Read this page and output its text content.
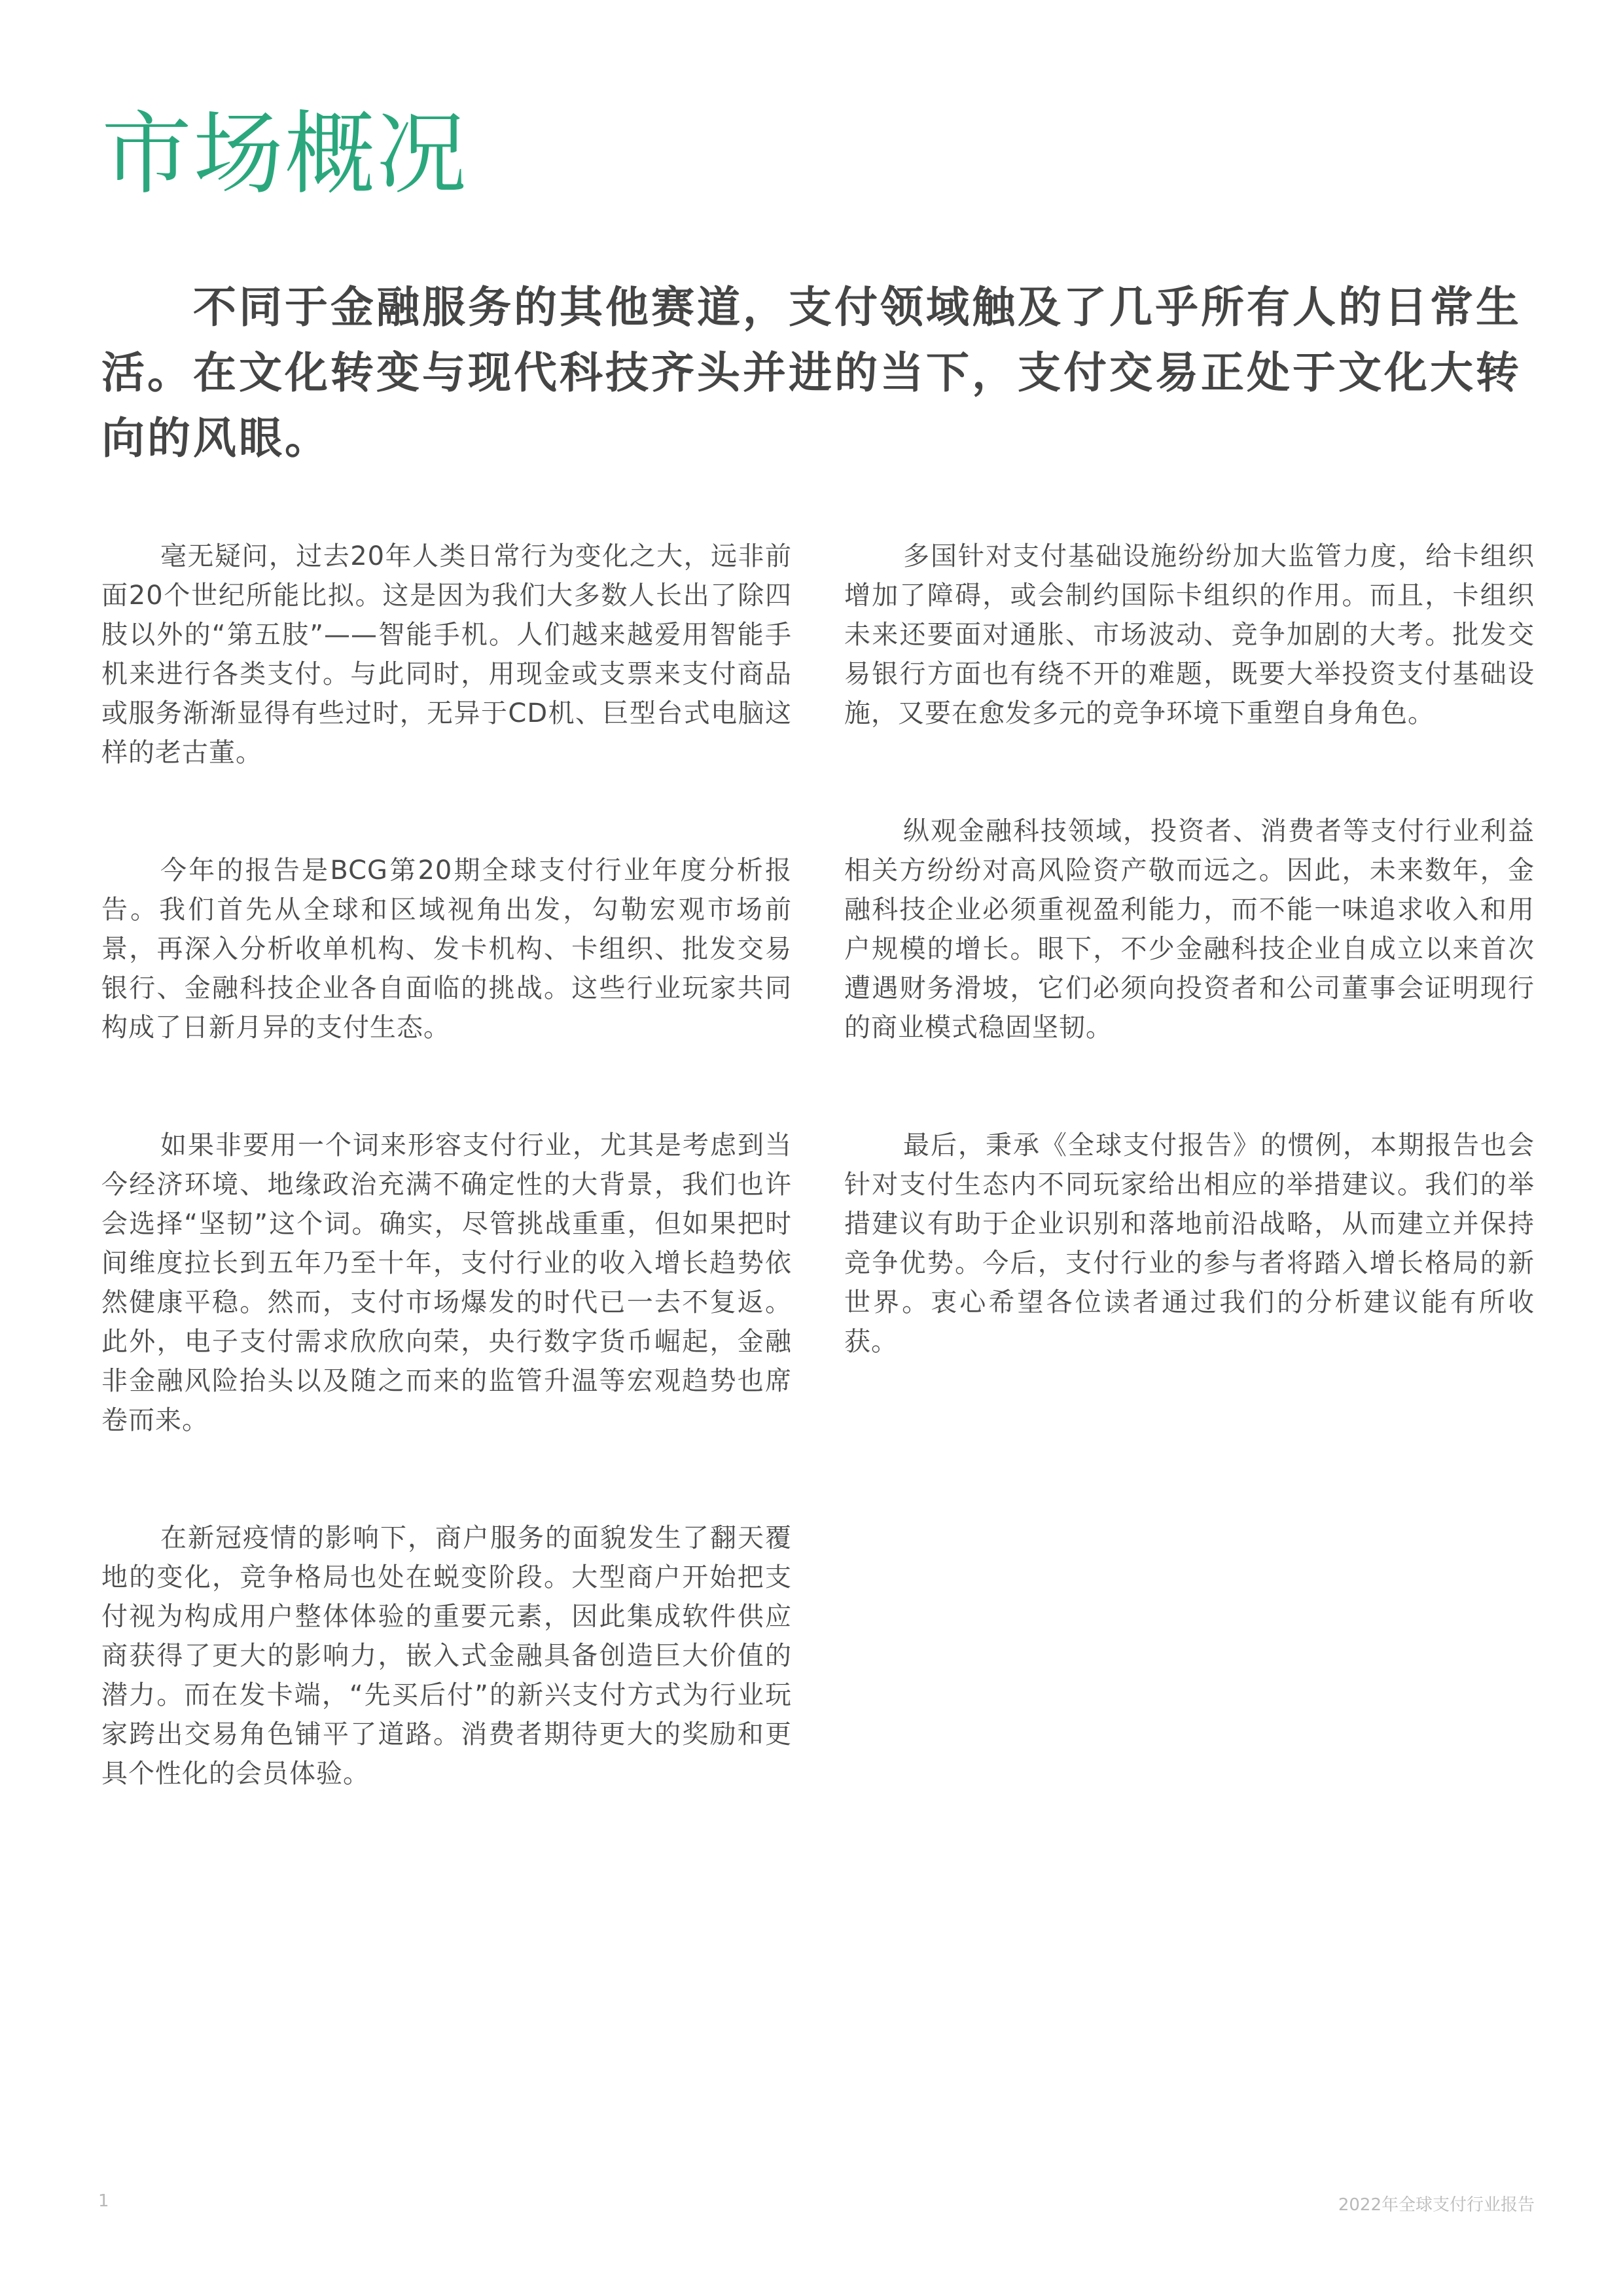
市场概况

不同于金融服务的其他赛道，支付领域触及了几乎所有人的日常生活。在文化转变与现代科技齐头并进的当下，支付交易正处于文化大转向的风眼。

毫无疑问，过去20年人类日常行为变化之大，远非前面20个世纪所能比拟。这是因为我们大多数人长出了除四肢以外的“第五肢”——智能手机。人们越来越爱用智能手机来进行各类支付。与此同时，用现金或支票来支付商品或服务渐渐显得有些过时，无异于CD机、巨型台式电脑这样的老古董。

今年的报告是BCG第20期全球支付行业年度分析报告。我们首先从全球和区域视角出发，勾勒宏观市场前景，再深入分析收单机构、发卡机构、卡组织、批发交易银行、金融科技企业各自面临的挑战。这些行业玩家共同构成了日新月异的支付生态。

如果非要用一个词来形容支付行业，尤其是考虑到当今经济环境、地缘政治充满不确定性的大背景，我们也许会选择“坚韧”这个词。确实，尽管挑战重重，但如果把时间维度拉长到五年乃至十年，支付行业的收入增长趋势依然健康平稳。然而，支付市场爆发的时代已一去不复返。此外，电子支付需求欣欣向荣，央行数字货币崛起，金融非金融风险抬头以及随之而来的监管升温等宏观趋势也席卷而来。

在新冠疫情的影响下，商户服务的面貌发生了翻天覆地的变化，竞争格局也处在蜕变阶段。大型商户开始把支付视为构成用户整体体验的重要元素，因此集成软件供应商获得了更大的影响力，嵌入式金融具备创造巨大价值的潜力。而在发卡端，“先买后付”的新兴支付方式为行业玩家跨出交易角色铺平了道路。消费者期待更大的奖励和更具个性化的会员体验。

多国针对支付基础设施纷纷加大监管力度，给卡组织增加了障碍，或会制约国际卡组织的作用。而且，卡组织未来还要面对通胀、市场波动、竞争加剧的大考。批发交易银行方面也有绕不开的难题，既要大举投资支付基础设施，又要在愈发多元的竞争环境下重塑自身角色。

纵观金融科技领域，投资者、消费者等支付行业利益相关方纷纷对高风险资产敬而远之。因此，未来数年，金融科技企业必须重视盈利能力，而不能一味追求收入和用户规模的增长。眼下，不少金融科技企业自成立以来首次遭遇财务滑坡，它们必须向投资者和公司董事会证明现行的商业模式稳固坚韧。

最后，秉承《全球支付报告》的惯例，本期报告也会针对支付生态内不同玩家给出相应的举措建议。我们的举措建议有助于企业识别和落地前沿战略，从而建立并保持竞争优势。今后，支付行业的参与者将踏入增长格局的新世界。衷心希望各位读者通过我们的分析建议能有所收获。

1	2022年全球支付行业报告
